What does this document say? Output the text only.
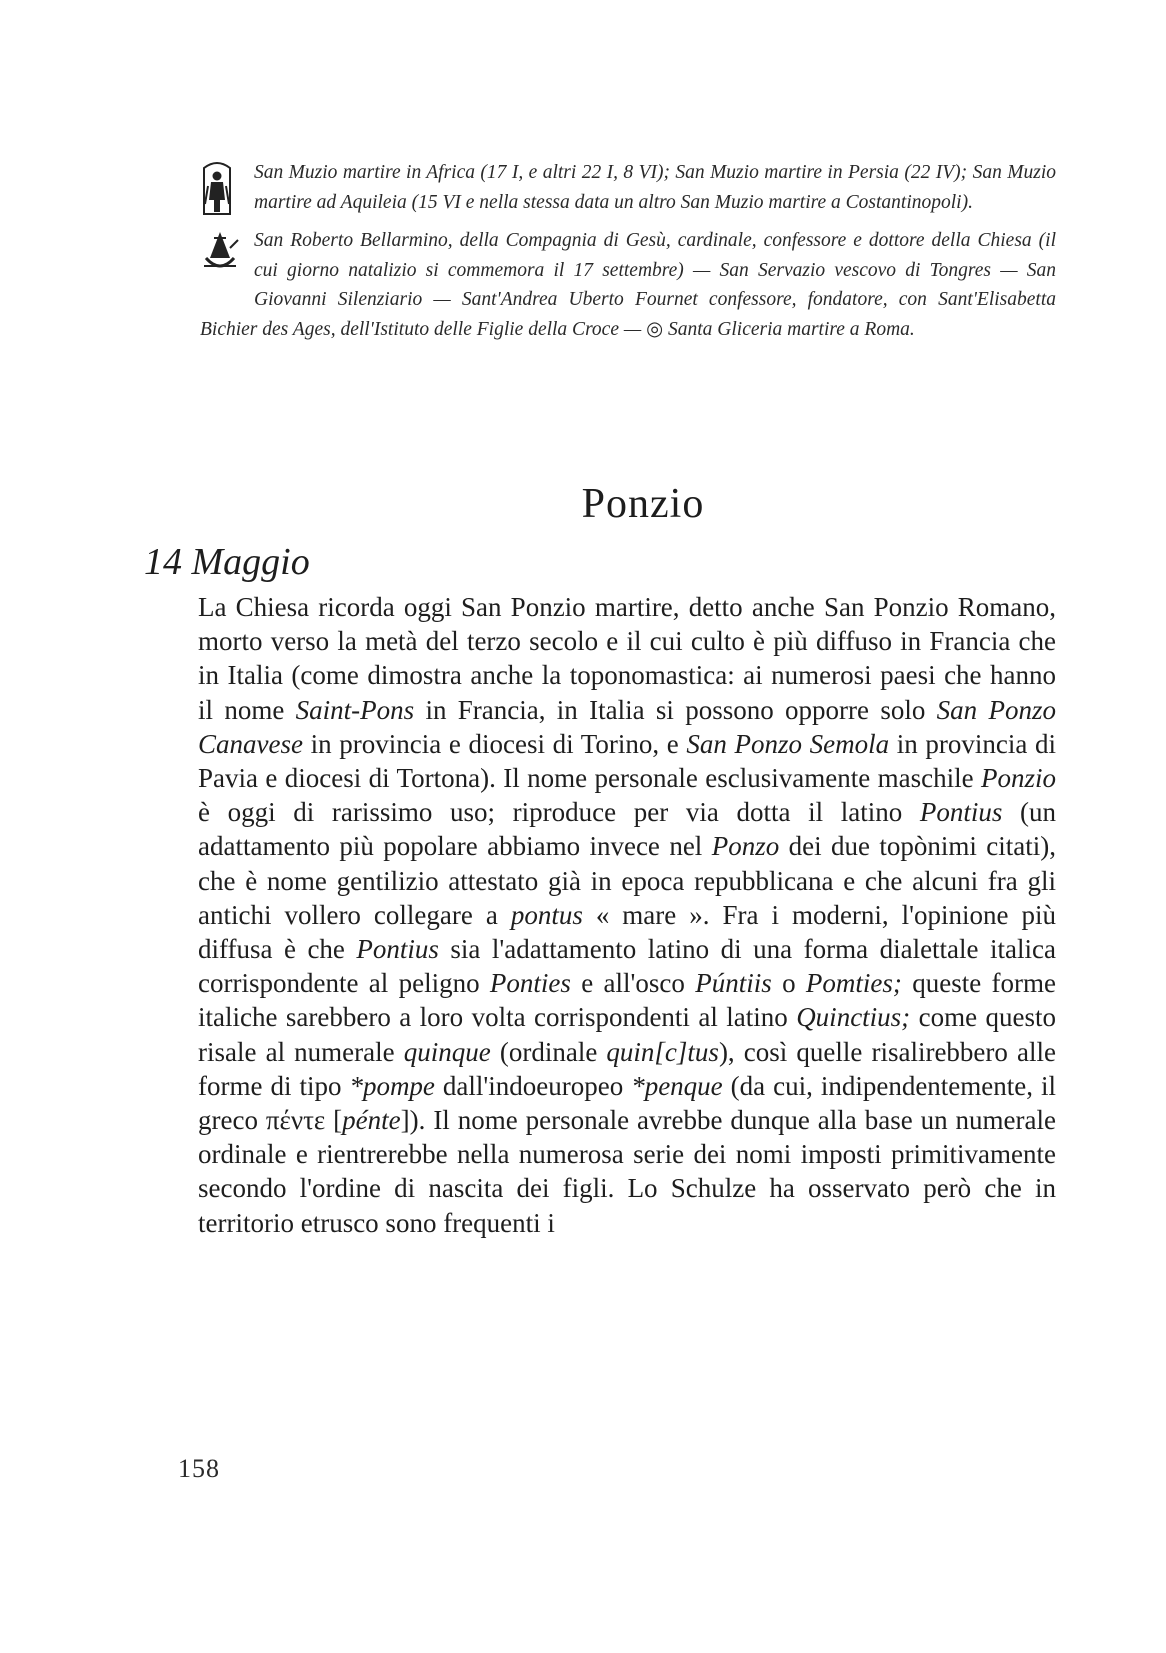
San Muzio martire in Africa (17 I, e altri 22 I, 8 VI); San Muzio martire in Persia (22 IV); San Muzio martire ad Aquileia (15 VI e nella stessa data un altro San Muzio martire a Costantinopoli).
San Roberto Bellarmino, della Compagnia di Gesù, cardinale, confessore e dottore della Chiesa (il cui giorno natalizio si commemora il 17 settembre) — San Servazio vescovo di Tongres — San Giovanni Silenziario — Sant'Andrea Uberto Fournet confessore, fondatore, con Sant'Elisabetta Bichier des Ages, dell'Istituto delle Figlie della Croce — ◎ Santa Gliceria martire a Roma.
Ponzio
14 Maggio

La Chiesa ricorda oggi San Ponzio martire, detto anche San Ponzio Romano, morto verso la metà del terzo secolo e il cui culto è più diffuso in Francia che in Italia (come dimostra anche la toponomastica: ai numerosi paesi che hanno il nome Saint-Pons in Francia, in Italia si possono opporre solo San Ponzo Canavese in provincia e diocesi di Torino, e San Ponzo Semola in provincia di Pavia e diocesi di Tortona). Il nome personale esclusivamente maschile Ponzio è oggi di rarissimo uso; riproduce per via dotta il latino Pontius (un adattamento più popolare abbiamo invece nel Ponzo dei due topònimi citati), che è nome gentilizio attestato già in epoca repubblicana e che alcuni fra gli antichi vollero collegare a pontus « mare ». Fra i moderni, l'opinione più diffusa è che Pontius sia l'adattamento latino di una forma dialettale italica corrispondente al peligno Ponties e all'osco Púntiis o Pomties; queste forme italiche sarebbero a loro volta corrispondenti al latino Quinctius; come questo risale al numerale quinque (ordinale quin[c]tus), così quelle risalirebbero alle forme di tipo *pompe dall'indoeuropeo *penque (da cui, indipendentemente, il greco πέντε [pénte]). Il nome personale avrebbe dunque alla base un numerale ordinale e rientrerebbe nella numerosa serie dei nomi imposti primitivamente secondo l'ordine di nascita dei figli. Lo Schulze ha osservato però che in territorio etrusco sono frequenti i

158
